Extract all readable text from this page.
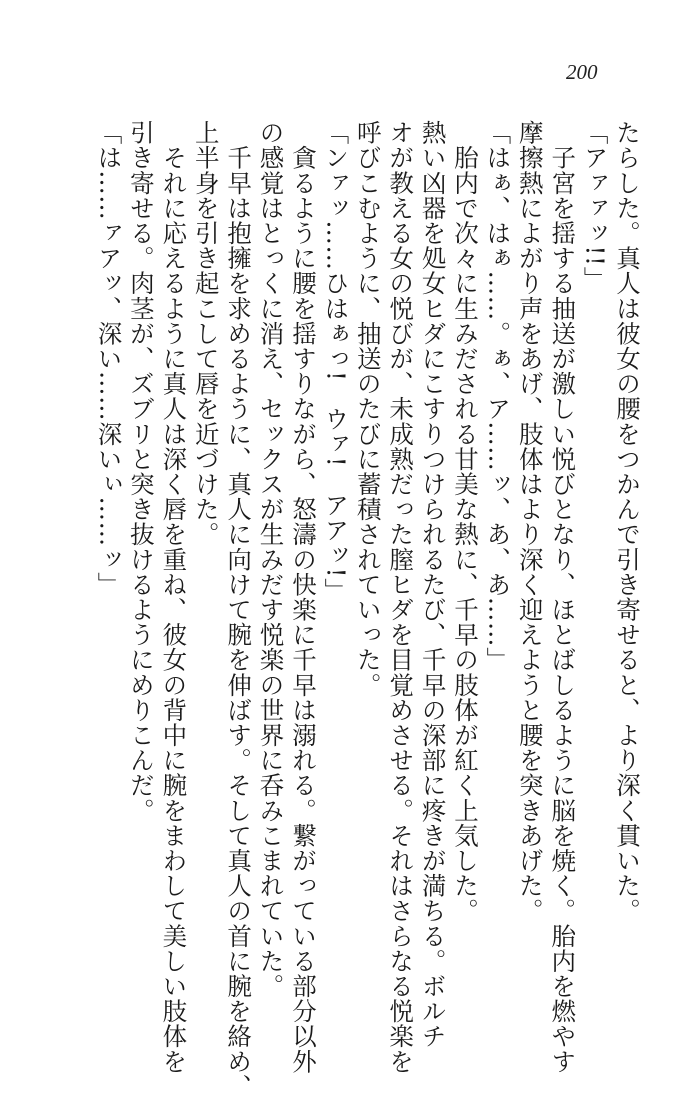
200
たらした。真人は彼女の腰をつかんで引き寄せると、より深く貫いた。
「アァァッ!!」
　子宮を揺する抽送が激しい悦びとなり、ほとばしるように脳を焼く。胎内を燃やす
摩擦熱によがり声をあげ、肢体はより深く迎えようと腰を突きあげた。
「はぁ、はぁ……。ぁ、ア……ッ、あ、あ……」
　胎内で次々に生みだされる甘美な熱に、千早の肢体が紅く上気した。
熱い凶器を処女ヒダにこすりつけられるたび、千早の深部に疼きが満ちる。ボルチ
オが教える女の悦びが、未成熟だった膣ヒダを目覚めさせる。それはさらなる悦楽を
呼びこむように、抽送のたびに蓄積されていった。
「ンァッ……ひはぁっ!　ウァ!　アアッ!」
　貪るように腰を揺すりながら、怒濤の快楽に千早は溺れる。繋がっている部分以外
の感覚はとっくに消え、セックスが生みだす悦楽の世界に呑みこまれていた。
　千早は抱擁を求めるように、真人に向けて腕を伸ばす。そして真人の首に腕を絡め、
上半身を引き起こして唇を近づけた。
　それに応えるように真人は深く唇を重ね、彼女の背中に腕をまわして美しい肢体を
引き寄せる。肉茎が、ズブリと突き抜けるようにめりこんだ。
「は……ァアッ、深い……深いぃ……ッ」
